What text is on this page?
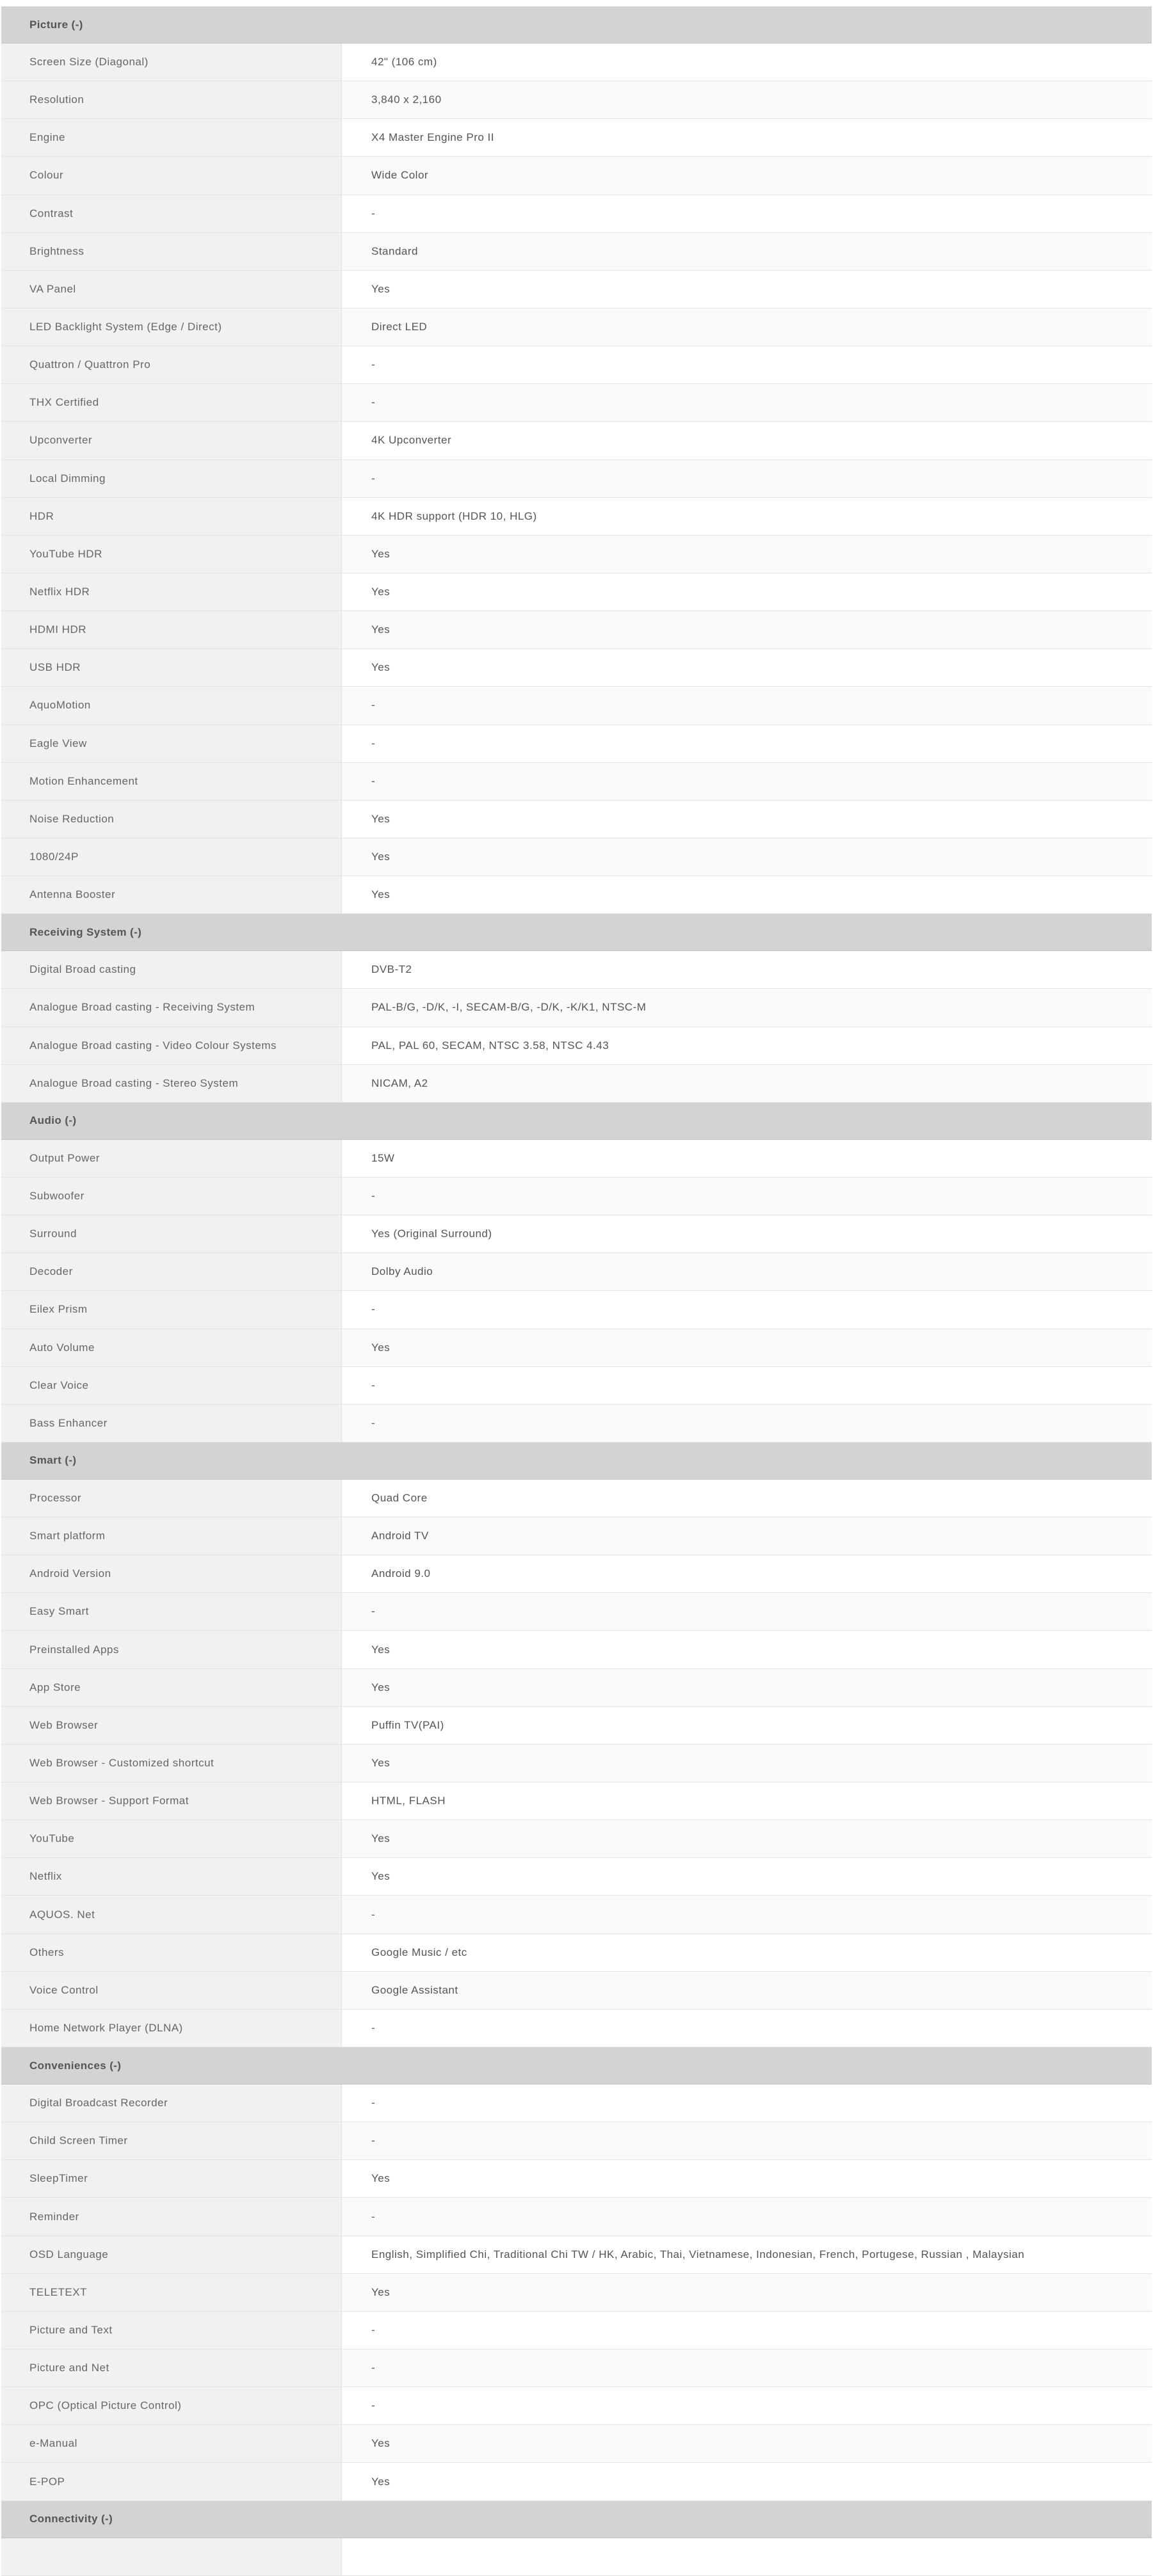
Picture (-)
Screen Size (Diagonal)	42" (106 cm)
Resolution	3,840 x 2,160
Engine	X4 Master Engine Pro II
Colour	Wide Color
Contrast	-
Brightness	Standard
VA Panel	Yes
LED Backlight System (Edge / Direct)	Direct LED
Quattron / Quattron Pro	-
THX Certified	-
Upconverter	4K Upconverter
Local Dimming	-
HDR	4K HDR support (HDR 10, HLG)
YouTube HDR	Yes
Netflix HDR	Yes
HDMI HDR	Yes
USB HDR	Yes
AquoMotion	-
Eagle View	-
Motion Enhancement	-
Noise Reduction	Yes
1080/24P	Yes
Antenna Booster	Yes
Receiving System (-)
Digital Broad casting	DVB-T2
Analogue Broad casting - Receiving System	PAL-B/G, -D/K, -I, SECAM-B/G, -D/K, -K/K1, NTSC-M
Analogue Broad casting - Video Colour Systems	PAL, PAL 60, SECAM, NTSC 3.58, NTSC 4.43
Analogue Broad casting - Stereo System	NICAM, A2
Audio (-)
Output Power	15W
Subwoofer	-
Surround	Yes (Original Surround)
Decoder	Dolby Audio
Eilex Prism	-
Auto Volume	Yes
Clear Voice	-
Bass Enhancer	-
Smart (-)
Processor	Quad Core
Smart platform	Android TV
Android Version	Android 9.0
Easy Smart	-
Preinstalled Apps	Yes
App Store	Yes
Web Browser	Puffin TV(PAI)
Web Browser - Customized shortcut	Yes
Web Browser - Support Format	HTML, FLASH
YouTube	Yes
Netflix	Yes
AQUOS. Net	-
Others	Google Music / etc
Voice Control	Google Assistant
Home Network Player (DLNA)	-
Conveniences (-)
Digital Broadcast Recorder	-
Child Screen Timer	-
SleepTimer	Yes
Reminder	-
OSD Language	English, Simplified Chi, Traditional Chi TW / HK, Arabic, Thai, Vietnamese, Indonesian, French, Portugese, Russian , Malaysian
TELETEXT	Yes
Picture and Text	-
Picture and Net	-
OPC (Optical Picture Control)	-
e-Manual	Yes
E-POP	Yes
Connectivity (-)
